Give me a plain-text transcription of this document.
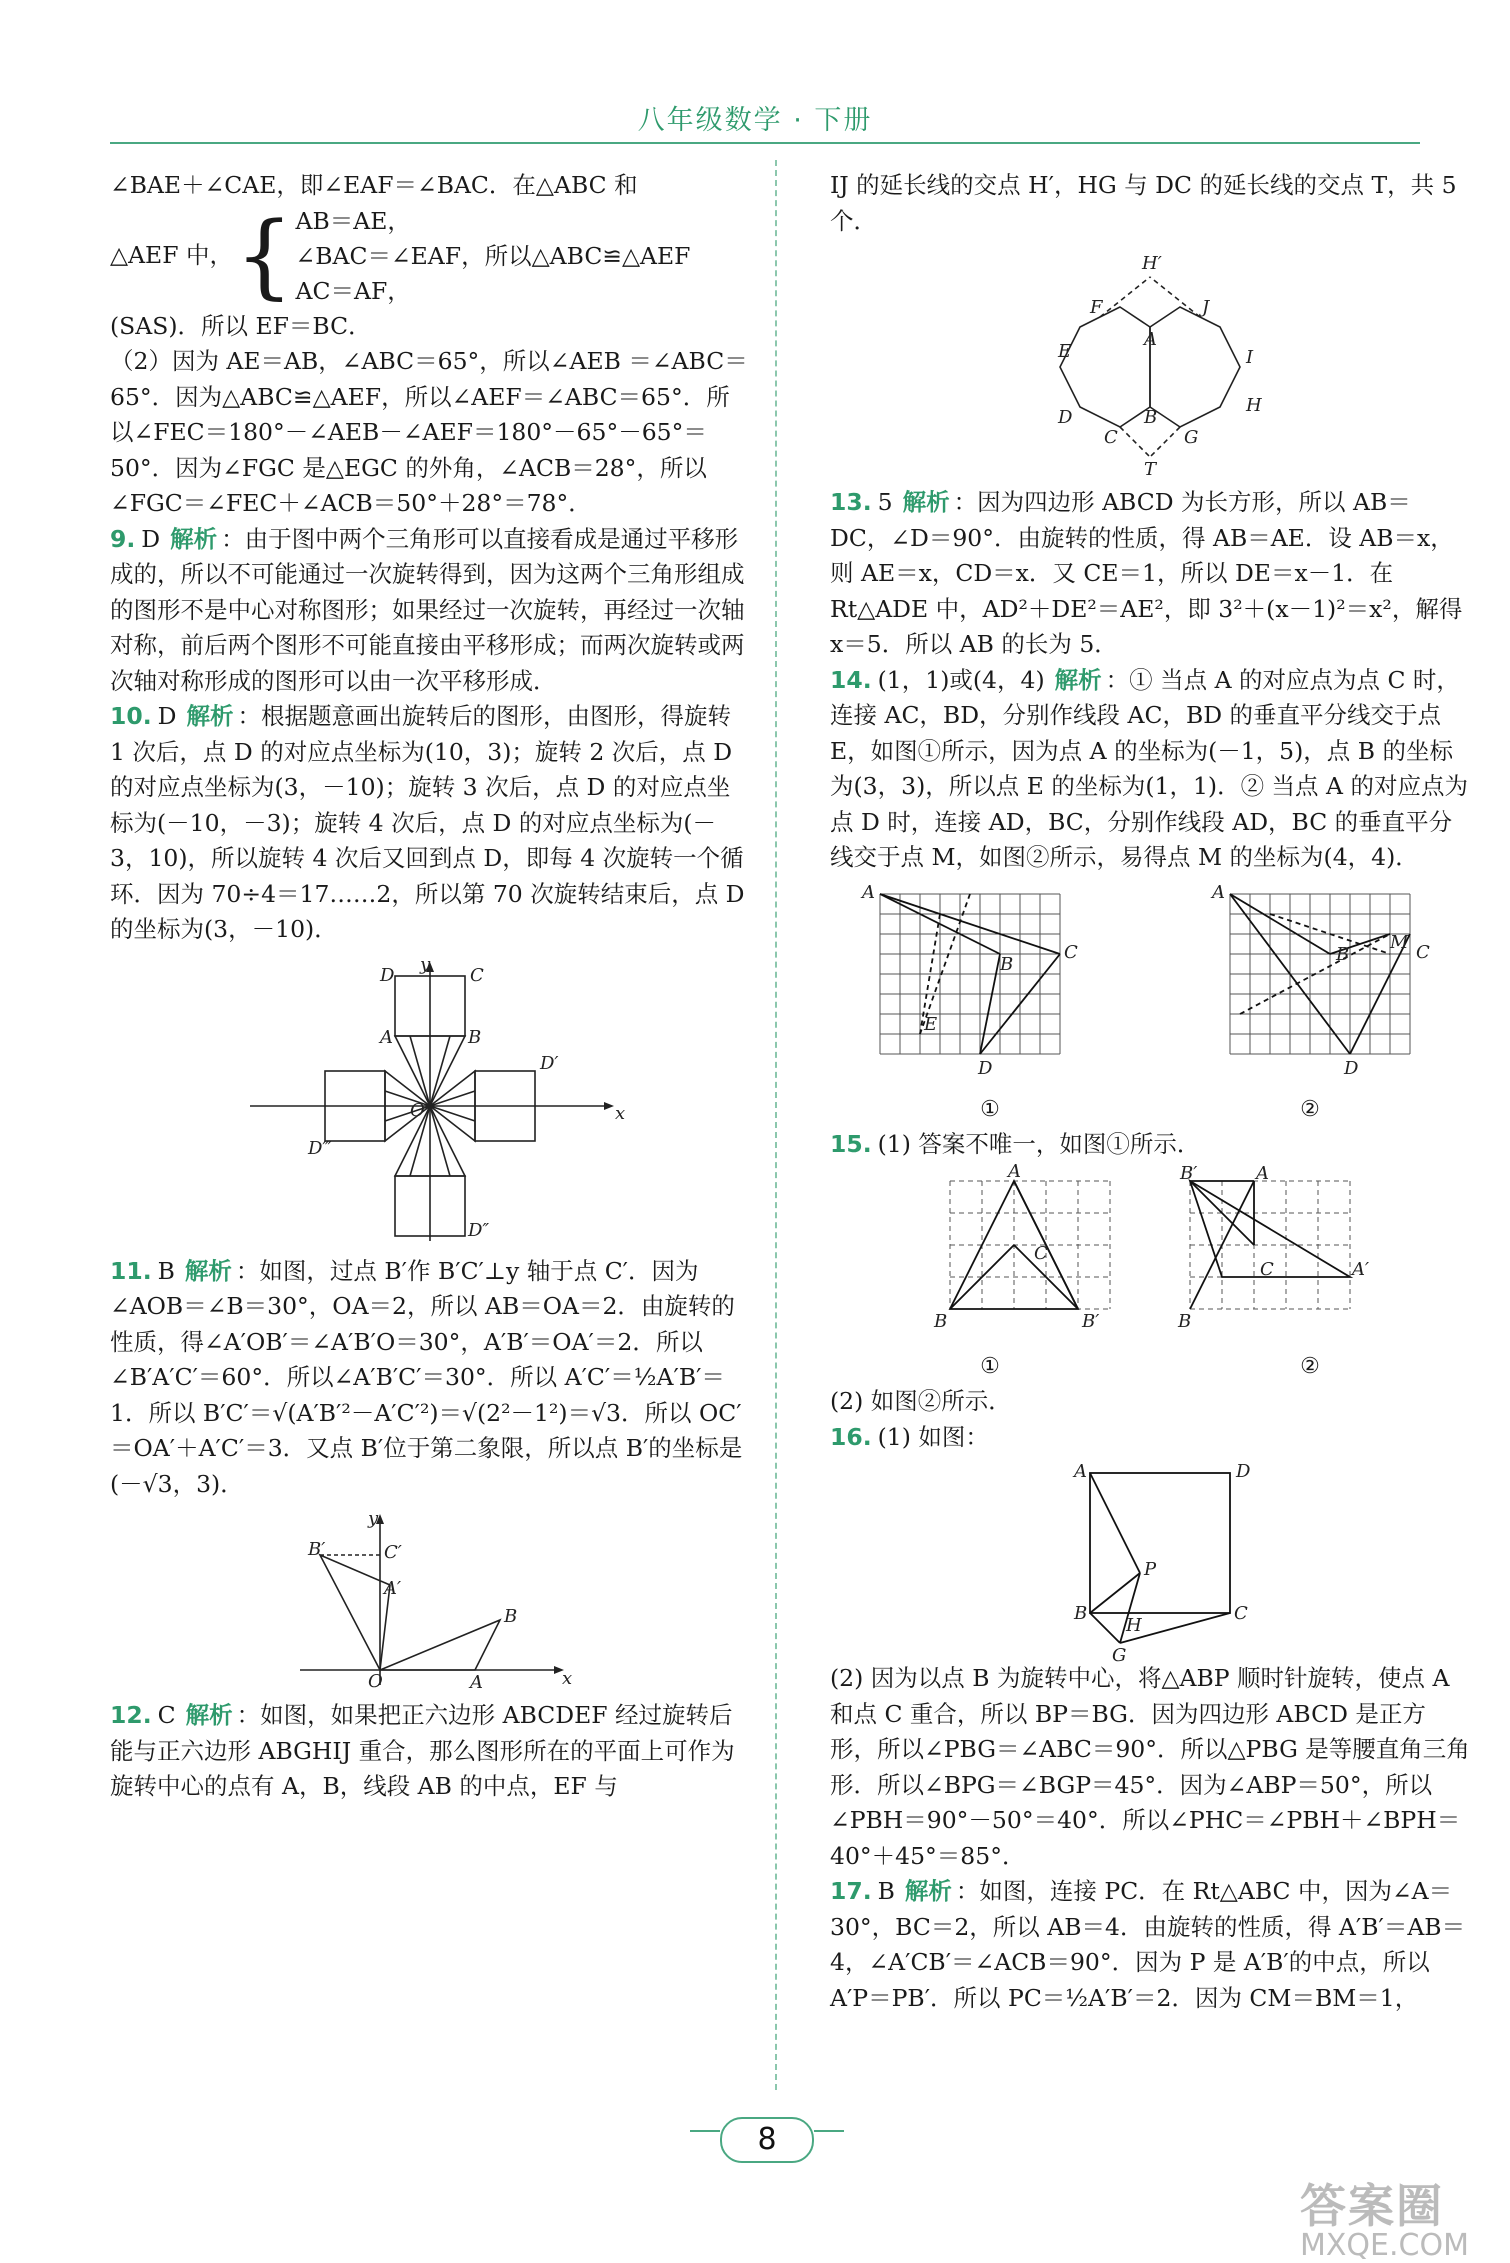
八年级数学 · 下册

∠BAE＋∠CAE，即∠EAF＝∠BAC．在△ABC 和

△AEF 中， { AB＝AE，
∠BAC＝∠EAF，所以△ABC≌△AEF
AC＝AF，

(SAS)．所以 EF＝BC．

（2）因为 AE＝AB，∠ABC＝65°，所以∠AEB ＝∠ABC＝65°．因为△ABC≌△AEF，所以∠AEF＝∠ABC＝65°．所以∠FEC＝180°－∠AEB－∠AEF＝180°－65°－65°＝50°．因为∠FGC 是△EGC 的外角，∠ACB＝28°，所以∠FGC＝∠FEC＋∠ACB＝50°＋28°＝78°．

9. D 解析 ：由于图中两个三角形可以直接看成是通过平移形成的，所以不可能通过一次旋转得到，因为这两个三角形组成的图形不是中心对称图形；如果经过一次旋转，再经过一次轴对称，前后两个图形不可能直接由平移形成；而两次旋转或两次轴对称形成的图形可以由一次平移形成．

10. D 解析 ：根据题意画出旋转后的图形，由图形，得旋转 1 次后，点 D 的对应点坐标为(10，3)；旋转 2 次后，点 D 的对应点坐标为(3，－10)；旋转 3 次后，点 D 的对应点坐标为(－10，－3)；旋转 4 次后，点 D 的对应点坐标为(－3，10)，所以旋转 4 次后又回到点 D，即每 4 次旋转一个循环．因为 70÷4＝17……2，所以第 70 次旋转结束后，点 D 的坐标为(3，－10)．

D	C
A	B
D′
O	x
y
D‴
D″

11. B 解析 ：如图，过点 B′作 B′C′⊥y 轴于点 C′．因为∠AOB＝∠B＝30°，OA＝2，所以 AB＝OA＝2．由旋转的性质，得∠A′OB′＝∠A′B′O＝30°，A′B′＝OA′＝2．所以∠B′A′C′＝60°．所以∠A′B′C′＝30°．所以 A′C′＝½A′B′＝1．所以 B′C′＝√(A′B′²－A′C′²)＝√(2²－1²)＝√3．所以 OC′＝OA′＋A′C′＝3．又点 B′位于第二象限，所以点 B′的坐标是(－√3，3)．

B′	C′
A′
B
O	A	x
y

12. C 解析 ：如图，如果把正六边形 ABCDEF 经过旋转后能与正六边形 ABGHIJ 重合，那么图形所在的平面上可作为旋转中心的点有 A，B，线段 AB 的中点，EF 与

IJ 的延长线的交点 H′，HG 与 DC 的延长线的交点 T，共 5 个．

H′
F	J
A
E	I
D
H
B
C	G
T

13. 5 解析 ：因为四边形 ABCD 为长方形，所以 AB＝DC，∠D＝90°．由旋转的性质，得 AB＝AE．设 AB＝x，则 AE＝x，CD＝x．又 CE＝1，所以 DE＝x－1．在 Rt△ADE 中，AD²＋DE²＝AE²，即 3²＋(x－1)²＝x²，解得 x＝5．所以 AB 的长为 5．

14. (1，1)或(4，4) 解析 ：① 当点 A 的对应点为点 C 时，连接 AC，BD，分别作线段 AC，BD 的垂直平分线交于点 E，如图①所示，因为点 A 的坐标为(－1，5)，点 B 的坐标为(3，3)，所以点 E 的坐标为(1，1)．② 当点 A 的对应点为点 D 时，连接 AD，BC，分别作线段 AD，BC 的垂直平分线交于点 M，如图②所示，易得点 M 的坐标为(4，4)．

A
B
C
D
E
A
B	C
D
M
①	②

15. (1) 答案不唯一，如图①所示．

A
C
B	B′
B′	A
C	A′
B
①	②

(2) 如图②所示．

16. (1) 如图：

A	D
P
B	C
H
G

(2) 因为以点 B 为旋转中心，将△ABP 顺时针旋转，使点 A 和点 C 重合，所以 BP＝BG．因为四边形 ABCD 是正方形，所以∠PBG＝∠ABC＝90°．所以△PBG 是等腰直角三角形．所以∠BPG＝∠BGP＝45°．因为∠ABP＝50°，所以∠PBH＝90°－50°＝40°．所以∠PHC＝∠PBH＋∠BPH＝40°＋45°＝85°．

17. B 解析 ：如图，连接 PC．在 Rt△ABC 中，因为∠A＝30°，BC＝2，所以 AB＝4．由旋转的性质，得 A′B′＝AB＝4，∠A′CB′＝∠ACB＝90°．因为 P 是 A′B′的中点，所以 A′P＝PB′．所以 PC＝½A′B′＝2．因为 CM＝BM＝1，

8
答案圈
MXQE.COM
